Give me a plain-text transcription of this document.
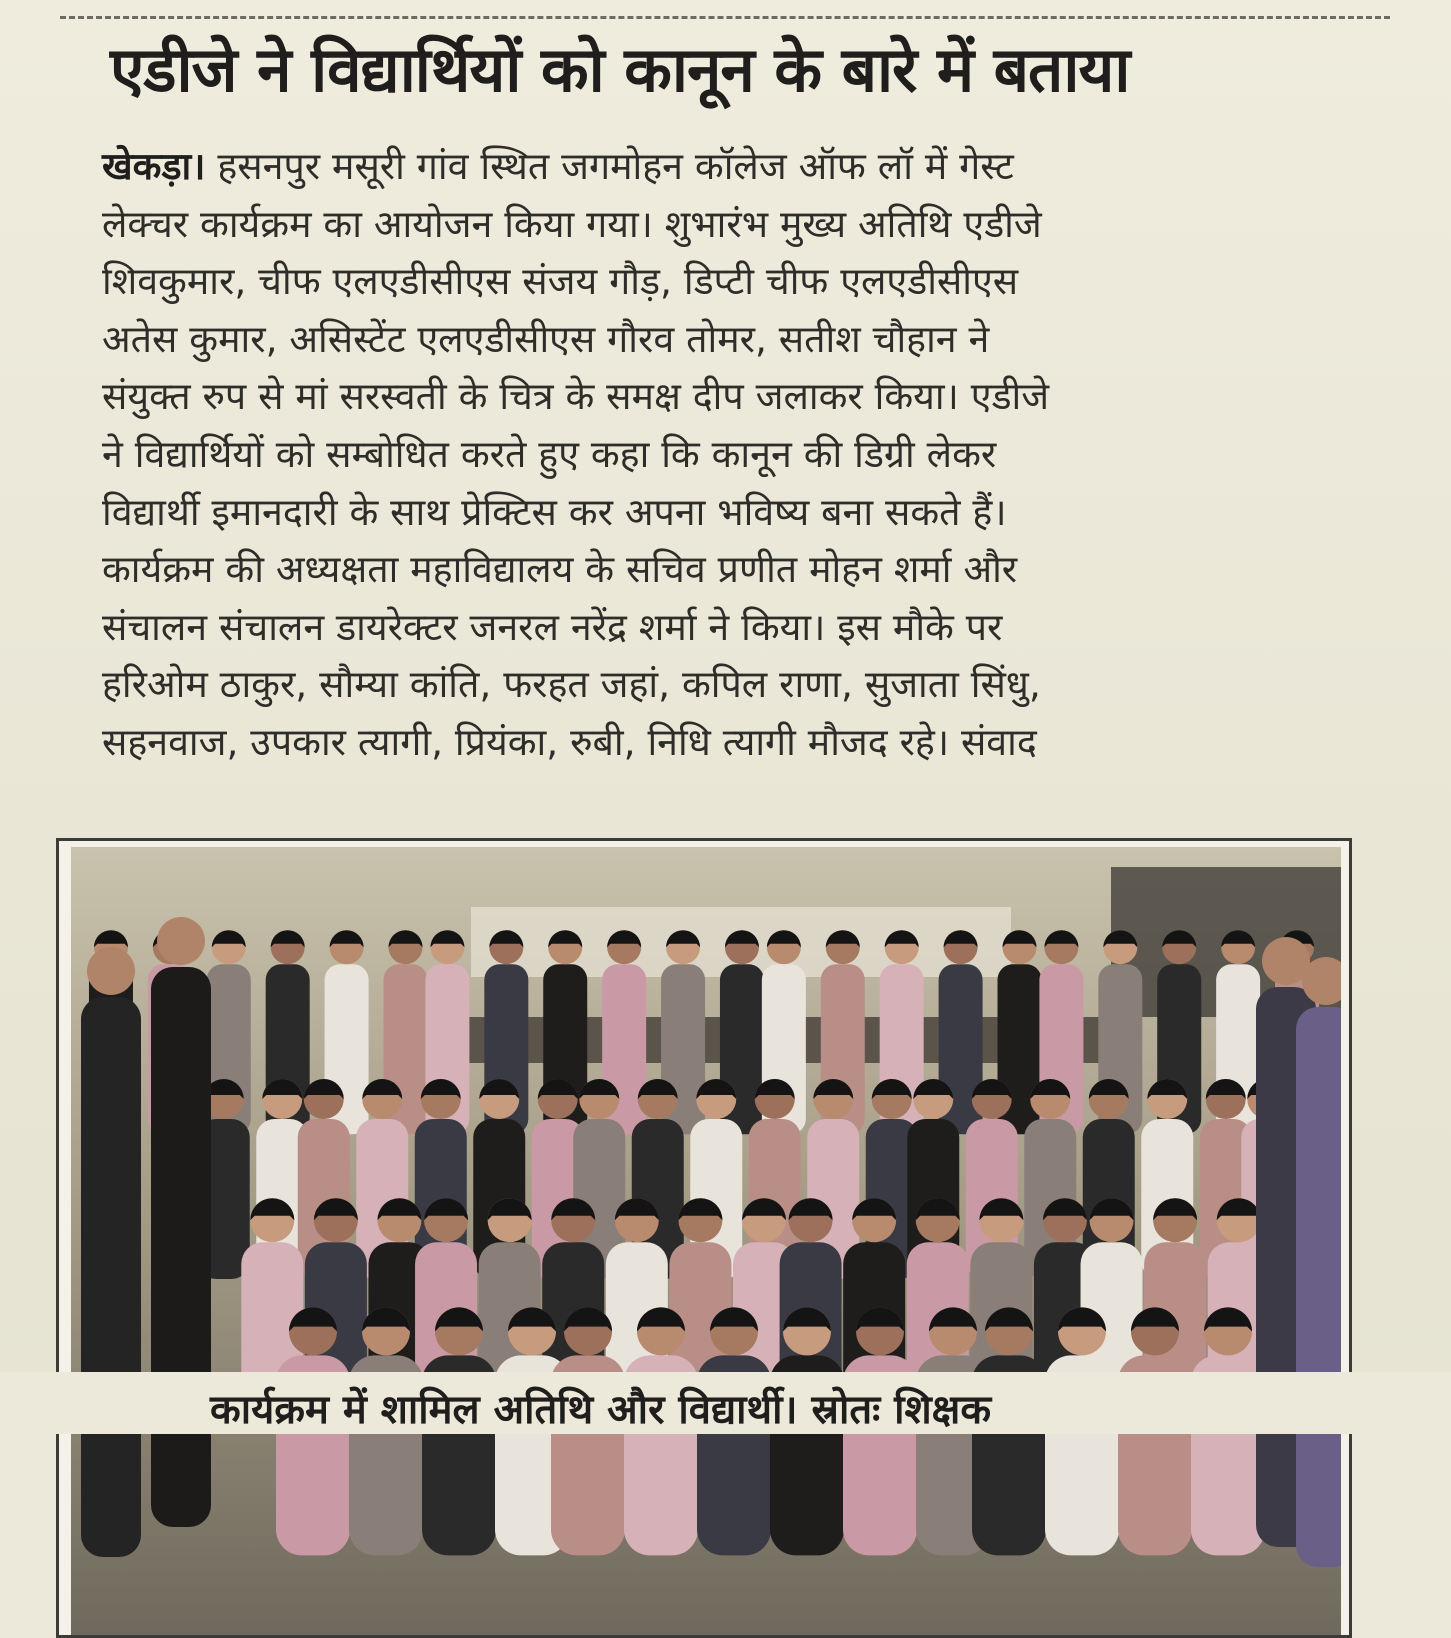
एडीजे ने विद्यार्थियों को कानून के बारे में बताया
खेकड़ा। हसनपुर मसूरी गांव स्थित जगमोहन कॉलेज ऑफ लॉ में गेस्ट
लेक्चर कार्यक्रम का आयोजन किया गया। शुभारंभ मुख्य अतिथि एडीजे
शिवकुमार, चीफ एलएडीसीएस संजय गौड़, डिप्टी चीफ एलएडीसीएस
अतेस कुमार, असिस्टेंट एलएडीसीएस गौरव तोमर, सतीश चौहान ने
संयुक्त रुप से मां सरस्वती के चित्र के समक्ष दीप जलाकर किया। एडीजे
ने विद्यार्थियों को सम्बोधित करते हुए कहा कि कानून की डिग्री लेकर
विद्यार्थी इमानदारी के साथ प्रेक्टिस कर अपना भविष्य बना सकते हैं।
कार्यक्रम की अध्यक्षता महाविद्यालय के सचिव प्रणीत मोहन शर्मा और
संचालन संचालन डायरेक्टर जनरल नरेंद्र शर्मा ने किया। इस मौके पर
हरिओम ठाकुर, सौम्या कांति, फरहत जहां, कपिल राणा, सुजाता सिंधु,
सहनवाज, उपकार त्यागी, प्रियंका, रुबी, निधि त्यागी मौजद रहे। संवाद
कार्यक्रम में शामिल अतिथि और विद्यार्थी। स्रोतः शिक्षक
